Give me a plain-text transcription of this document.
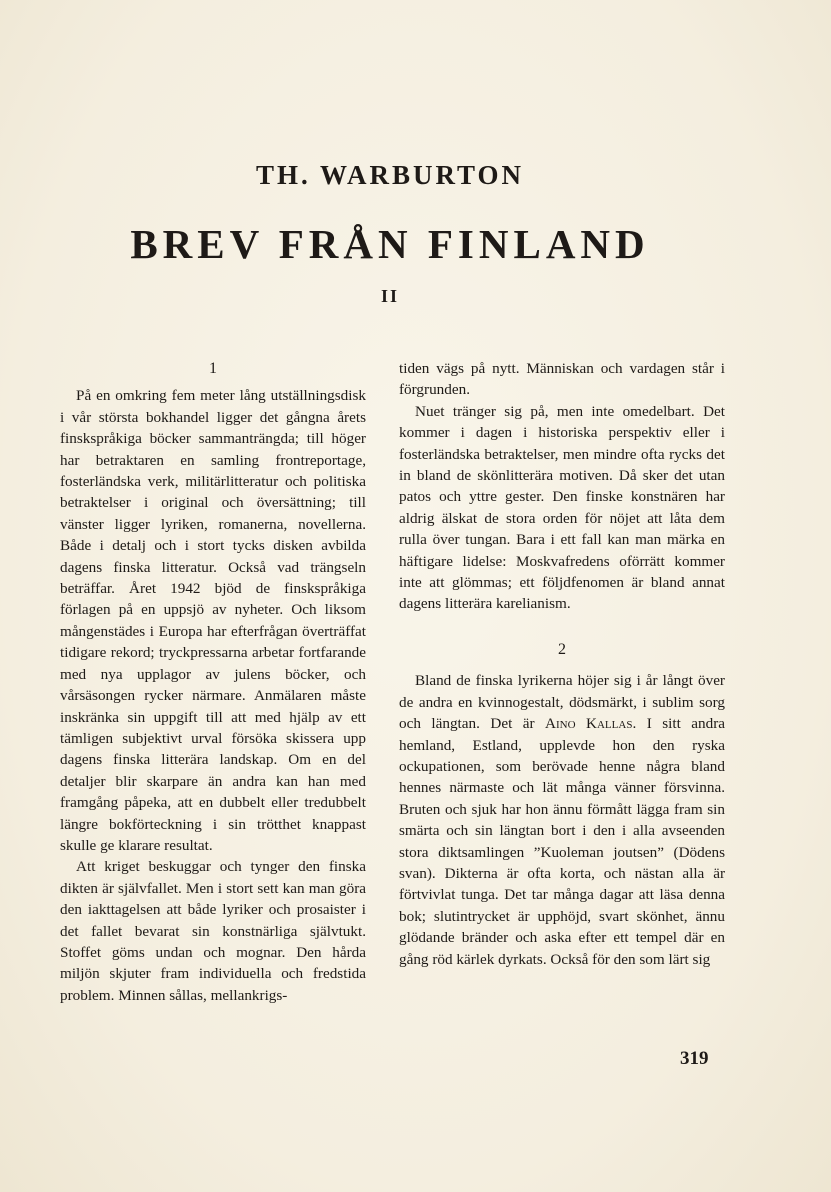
TH. WARBURTON
BREV FRÅN FINLAND
II
1

På en omkring fem meter lång utställningsdisk i vår största bokhandel ligger det gångna årets finskspråkiga böcker sammanträngda; till höger har betraktaren en samling frontreportage, fosterländska verk, militärlitteratur och politiska betraktelser i original och översättning; till vänster ligger lyriken, romanerna, novellerna. Både i detalj och i stort tycks disken avbilda dagens finska litteratur. Också vad trängseln beträffar. Året 1942 bjöd de finskspråkiga förlagen på en uppsjö av nyheter. Och liksom mångenstädes i Europa har efterfrågan överträffat tidigare rekord; tryckpressarna arbetar fortfarande med nya upplagor av julens böcker, och vårsäsongen rycker närmare. Anmälaren måste inskränka sin uppgift till att med hjälp av ett tämligen subjektivt urval försöka skissera upp dagens finska litterära landskap. Om en del detaljer blir skarpare än andra kan han med framgång påpeka, att en dubbelt eller tredubbelt längre bokförteckning i sin trötthet knappast skulle ge klarare resultat.

Att kriget beskuggar och tynger den finska dikten är självfallet. Men i stort sett kan man göra den iakttagelsen att både lyriker och prosaister i det fallet bevarat sin konstnärliga självtukt. Stoffet göms undan och mognar. Den hårda miljön skjuter fram individuella och fredstida problem. Minnen sållas, mellankrigs-

tiden vägs på nytt. Människan och vardagen står i förgrunden.

Nuet tränger sig på, men inte omedelbart. Det kommer i dagen i historiska perspektiv eller i fosterländska betraktelser, men mindre ofta rycks det in bland de skönlitterära motiven. Då sker det utan patos och yttre gester. Den finske konstnären har aldrig älskat de stora orden för nöjet att låta dem rulla över tungan. Bara i ett fall kan man märka en häftigare lidelse: Moskvafredens oförrätt kommer inte att glömmas; ett följdfenomen är bland annat dagens litterära karelianism.

2

Bland de finska lyrikerna höjer sig i år långt över de andra en kvinnogestalt, dödsmärkt, i sublim sorg och längtan. Det är Aino Kallas. I sitt andra hemland, Estland, upplevde hon den ryska ockupationen, som berövade henne några bland hennes närmaste och lät många vänner försvinna. Bruten och sjuk har hon ännu förmått lägga fram sin smärta och sin längtan bort i den i alla avseenden stora diktsamlingen ”Kuoleman joutsen” (Dödens svan). Dikterna är ofta korta, och nästan alla är förtvivlat tunga. Det tar många dagar att läsa denna bok; slutintrycket är upphöjd, svart skönhet, ännu glödande bränder och aska efter ett tempel där en gång röd kärlek dyrkats. Också för den som lärt sig

319
